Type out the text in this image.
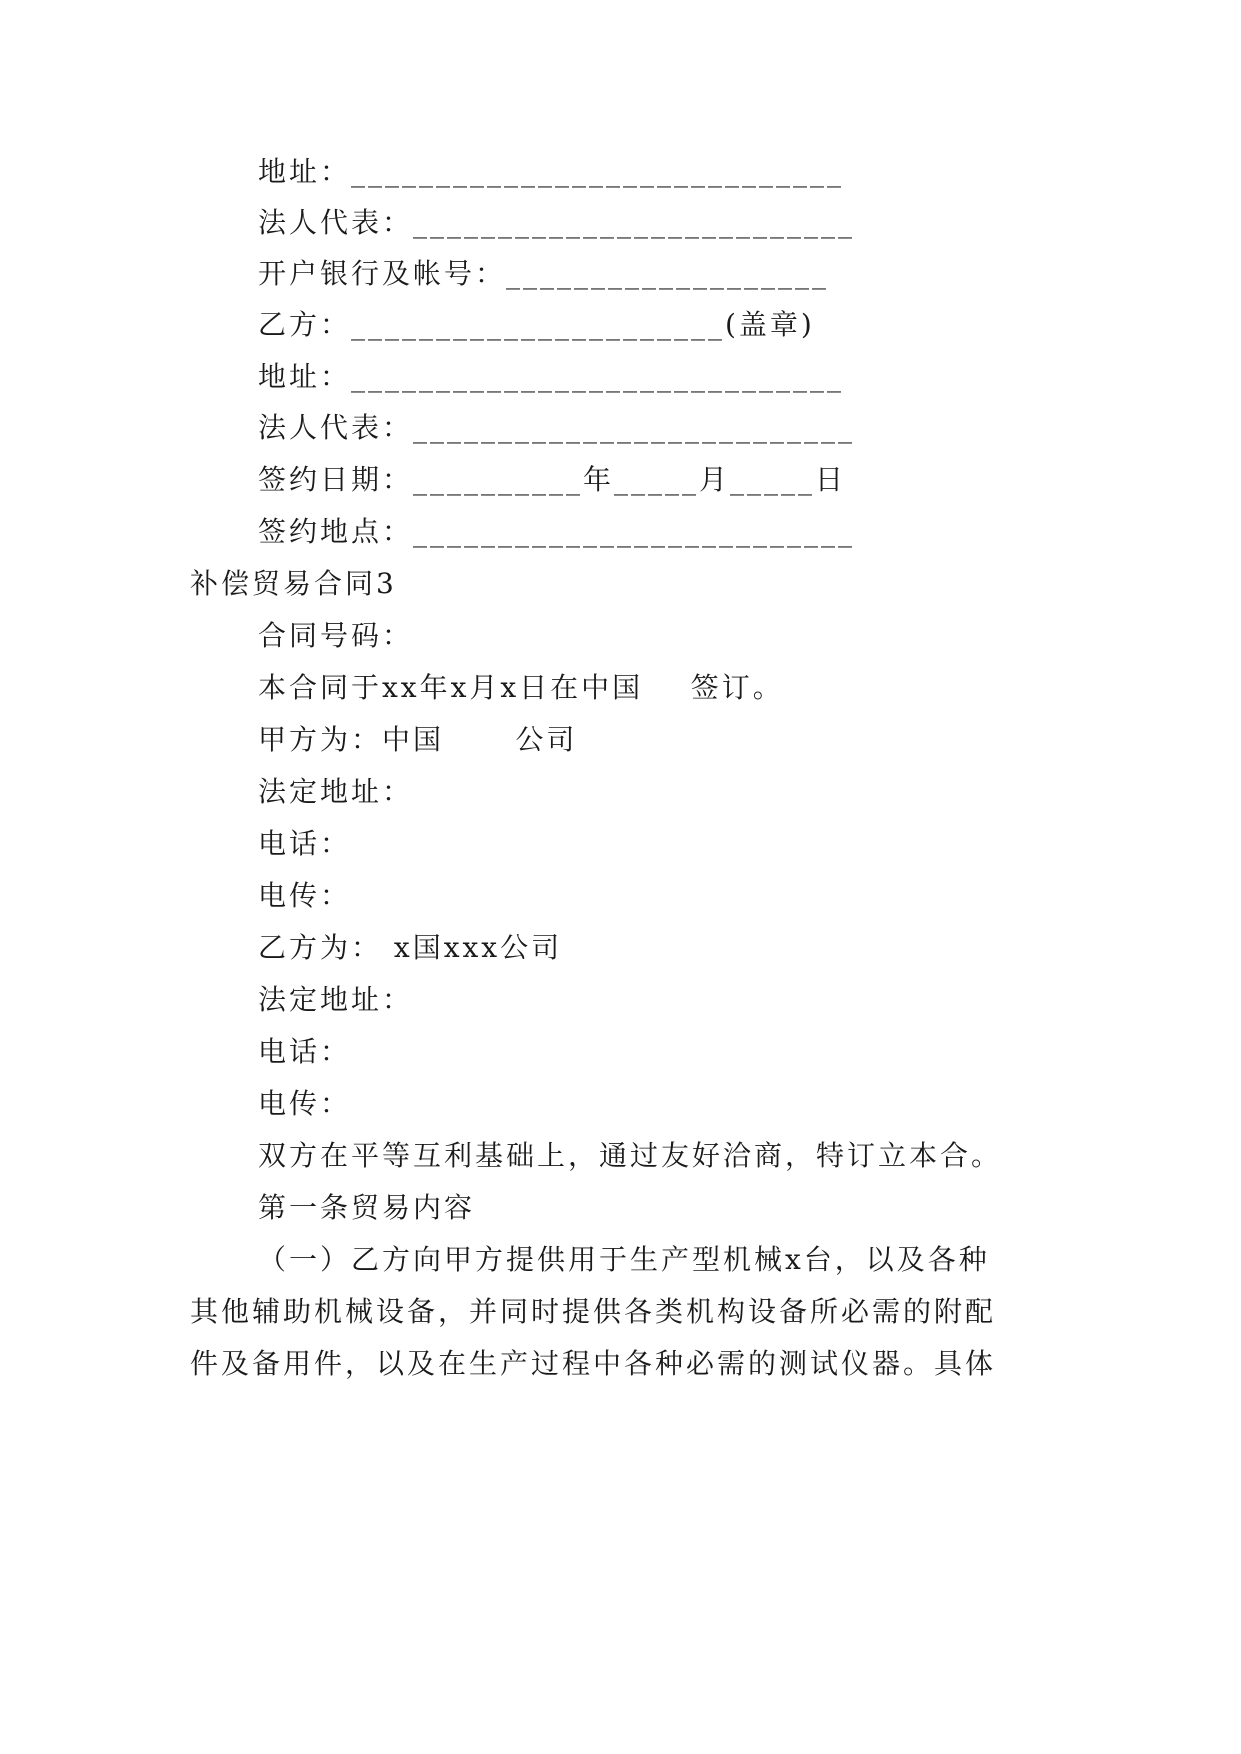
地址：_____________________________
法人代表：__________________________
开户银行及帐号：___________________
乙方：______________________(盖章)
地址：_____________________________
法人代表：__________________________
签约日期：__________年_____月_____日
签约地点：__________________________
补偿贸易合同3
合同号码：
本合同于xx年x月x日在中国    签订。
甲方为：中国      公司
法定地址：
电话：
电传：
乙方为： x国xxx公司
法定地址：
电话：
电传：
双方在平等互利基础上，通过友好洽商，特订立本合。
第一条贸易内容
（一）乙方向甲方提供用于生产型机械x台，以及各种
其他辅助机械设备，并同时提供各类机构设备所必需的附配
件及备用件，以及在生产过程中各种必需的测试仪器。具体
